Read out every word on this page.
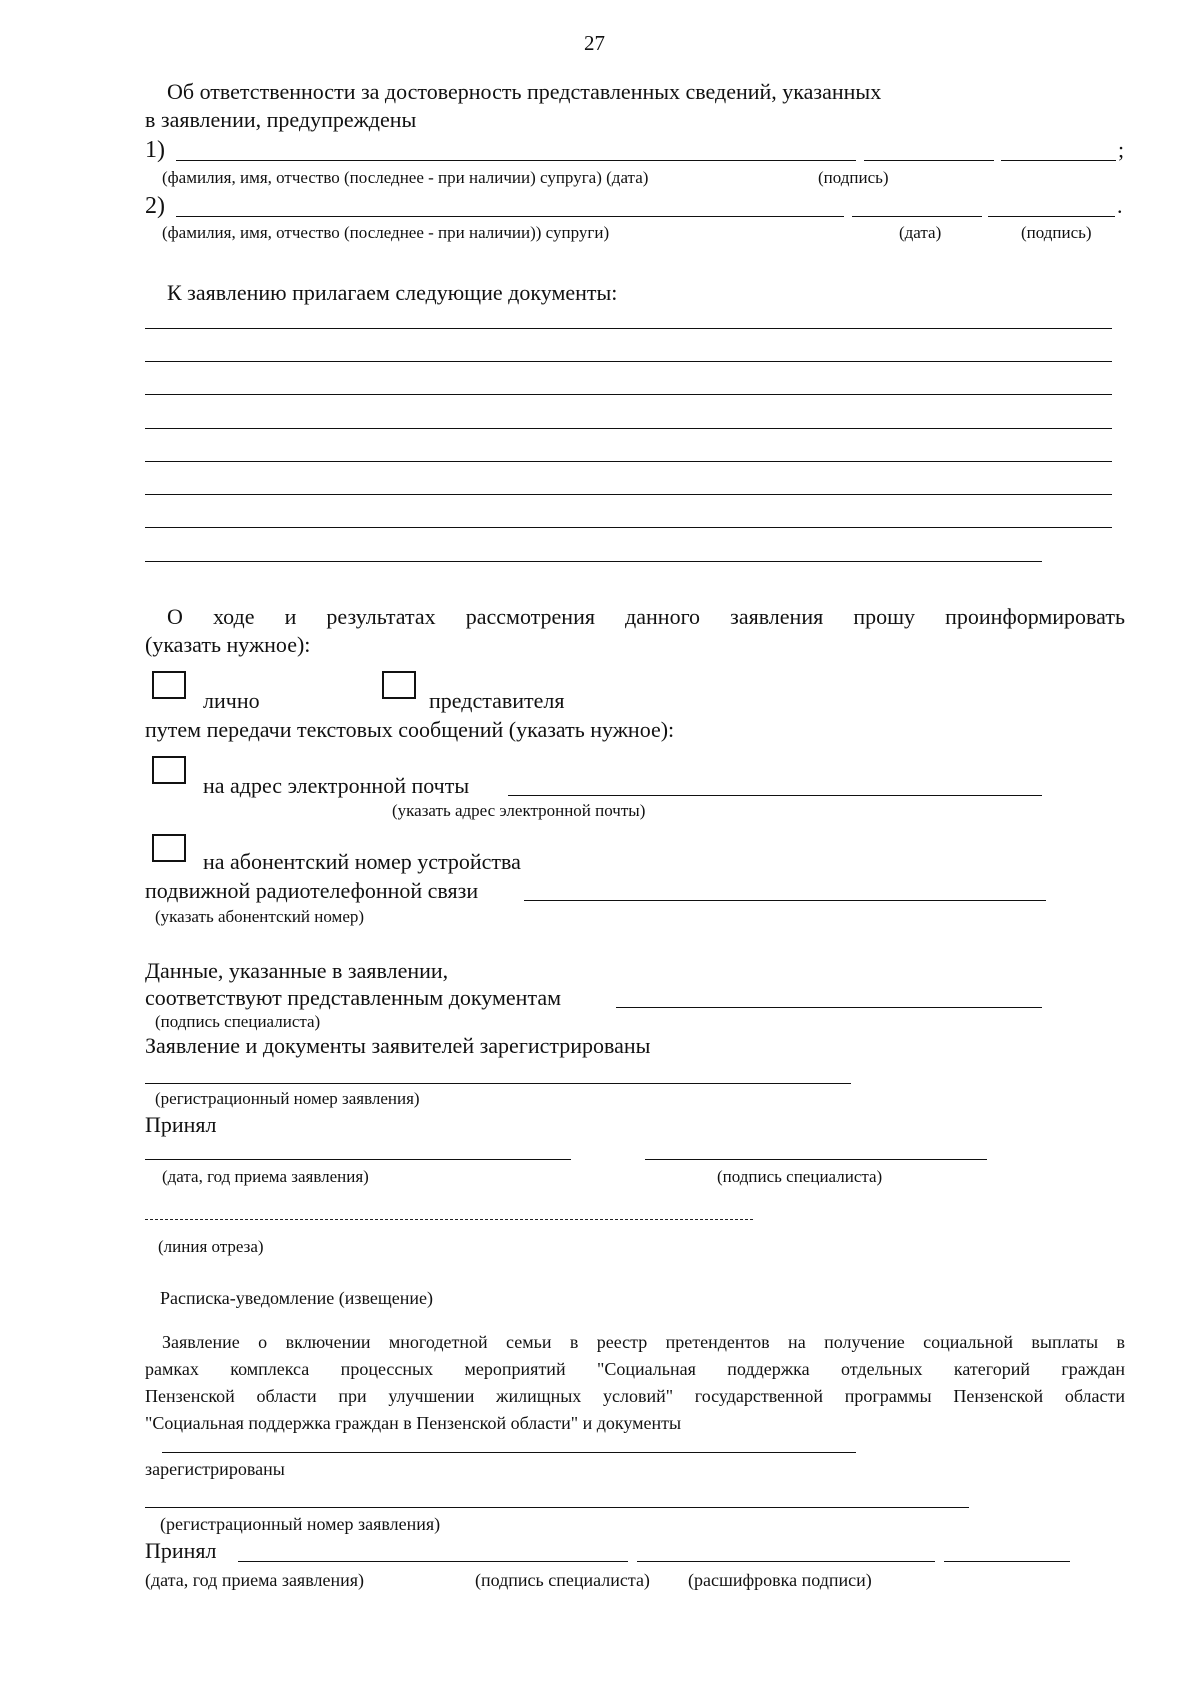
27
Об ответственности за достоверность представленных сведений, указанных
в заявлении, предупреждены
1)	;
(фамилия, имя, отчество (последнее - при наличии) супруга) (дата)	(подпись)
2)	.
(фамилия, имя, отчество (последнее - при наличии)) супруги)	(дата)	(подпись)
К заявлению прилагаем следующие документы:
О ходе и результатах рассмотрения данного заявления прошу проинформировать
(указать нужное):
лично	представителя
путем передачи текстовых сообщений (указать нужное):
на адрес электронной почты
(указать адрес электронной почты)
на абонентский номер устройства
подвижной радиотелефонной связи
(указать абонентский номер)
Данные, указанные в заявлении,
соответствуют представленным документам
(подпись специалиста)
Заявление и документы заявителей зарегистрированы
(регистрационный номер заявления)
Принял
(дата, год приема заявления)	(подпись специалиста)
(линия отреза)
Расписка-уведомление (извещение)
Заявление о включении многодетной семьи в реестр претендентов на получение социальной выплаты в
рамках комплекса процессных мероприятий "Социальная поддержка отдельных категорий граждан
Пензенской области при улучшении жилищных условий" государственной программы Пензенской области
"Социальная поддержка граждан в Пензенской области" и документы
зарегистрированы
(регистрационный номер заявления)
Принял
(дата, год приема заявления)	(подпись специалиста) (расшифровка подписи)
